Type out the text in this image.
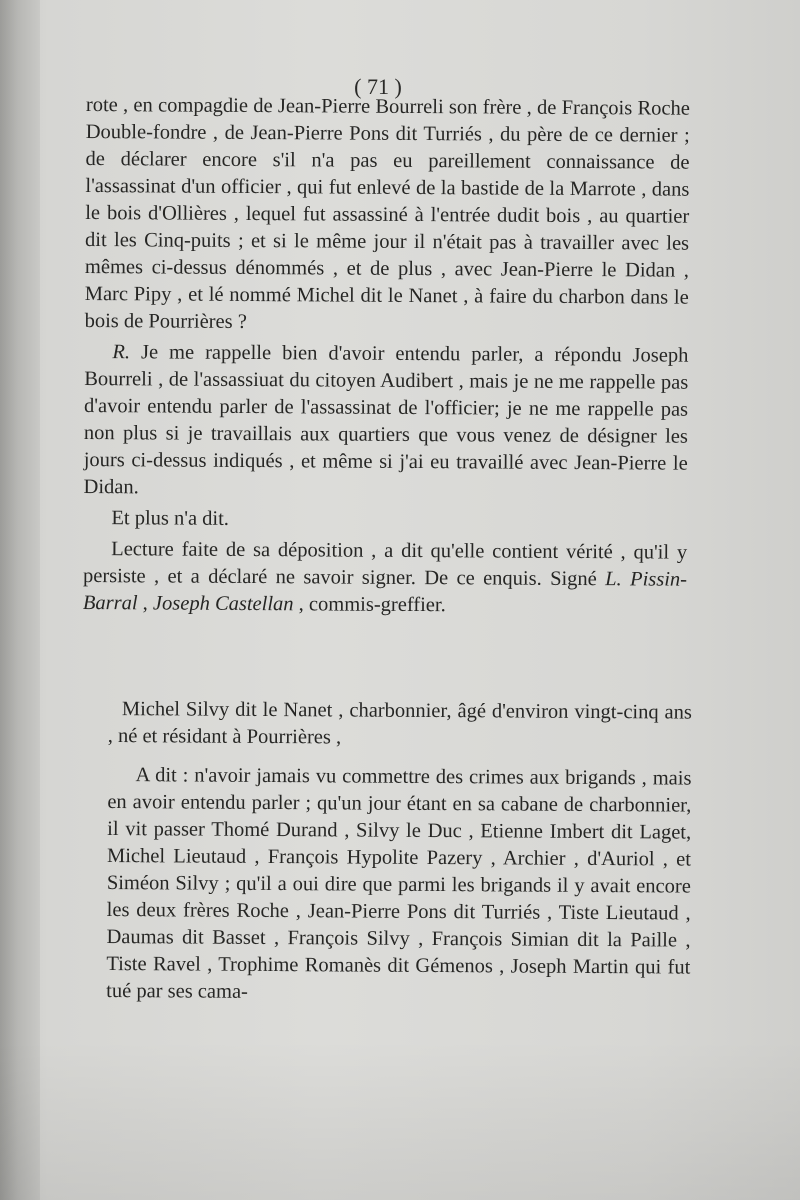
( 71 )

rote , en compagdie de Jean-Pierre Bourreli son frère , de François Roche Double-fondre , de Jean-Pierre Pons dit Turriés , du père de ce dernier ; de déclarer encore s'il n'a pas eu pareillement connaissance de l'assassinat d'un officier , qui fut enlevé de la bastide de la Marrote , dans le bois d'Ollières , lequel fut assassiné à l'entrée dudit bois , au quartier dit les Cinq-puits ; et si le même jour il n'était pas à travailler avec les mêmes ci-dessus dénommés , et de plus , avec Jean-Pierre le Didan , Marc Pipy , et lé nommé Michel dit le Nanet , à faire du charbon dans le bois de Pourrières ?

R. Je me rappelle bien d'avoir entendu parler, a répondu Joseph Bourreli , de l'assassiuat du citoyen Audibert , mais je ne me rappelle pas d'avoir entendu parler de l'assassinat de l'officier; je ne me rappelle pas non plus si je travaillais aux quartiers que vous venez de désigner les jours ci-dessus indiqués , et même si j'ai eu travaillé avec Jean-Pierre le Didan.

Et plus n'a dit.

Lecture faite de sa déposition , a dit qu'elle contient vérité , qu'il y persiste , et a déclaré ne savoir signer. De ce enquis. Signé L. Pissin-Barral , Joseph Castellan , commis-greffier.

Michel Silvy dit le Nanet , charbonnier, âgé d'environ vingt-cinq ans , né et résidant à Pourrières ,

A dit : n'avoir jamais vu commettre des crimes aux brigands , mais en avoir entendu parler ; qu'un jour étant en sa cabane de charbonnier, il vit passer Thomé Durand , Silvy le Duc , Etienne Imbert dit Laget, Michel Lieutaud , François Hypolite Pazery , Archier , d'Auriol , et Siméon Silvy ; qu'il a oui dire que parmi les brigands il y avait encore les deux frères Roche , Jean-Pierre Pons dit Turriés , Tiste Lieutaud , Daumas dit Basset , François Silvy , François Simian dit la Paille , Tiste Ravel , Trophime Romanès dit Gémenos , Joseph Martin qui fut tué par ses cama-
